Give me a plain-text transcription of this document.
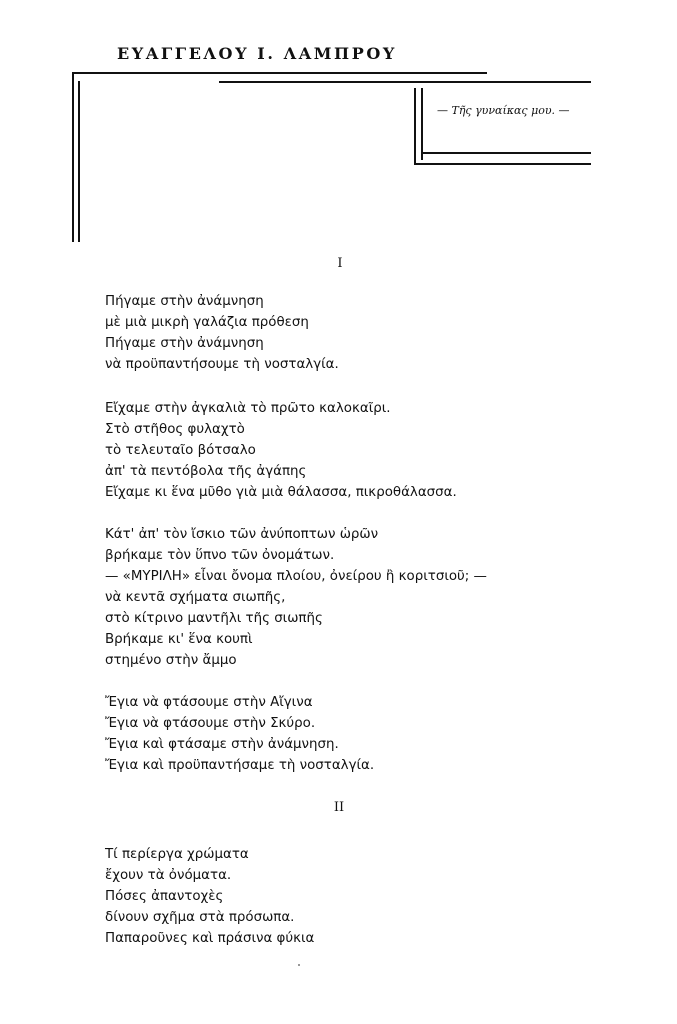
ΕΥΑΓΓΕΛΟΥ Ι. ΛΑΜΠΡΟΥ
— Τῆς γυναίκας μου. —
I
Πήγαμε στὴν ἀνάμνηση
μὲ μιὰ μικρὴ γαλάζια πρόθεση
Πήγαμε στὴν ἀνάμνηση
νὰ προϋπαντήσουμε τὴ νοσταλγία.
Εἴχαμε στὴν ἀγκαλιὰ τὸ πρῶτο καλοκαῖρι.
Στὸ στῆθος φυλαχτὸ
τὸ τελευταῖο βότσαλο
ἀπ' τὰ πεντόβολα τῆς ἀγάπης
Εἴχαμε κι ἕνα μῦθο γιὰ μιὰ θάλασσα, πικροθάλασσα.
Κάτ' ἀπ' τὸν ἴσκιο τῶν ἀνύποπτων ὡρῶν
βρήκαμε τὸν ὕπνο τῶν ὀνομάτων.
— «ΜΥΡΙΛΗ» εἶναι ὄνομα πλοίου, ὀνείρου ἢ κοριτσιοῦ; —
νὰ κεντᾶ σχήματα σιωπῆς,
στὸ κίτρινο μαντῆλι τῆς σιωπῆς
Βρήκαμε κι' ἕνα κουπὶ
στημένο στὴν ἄμμο
Ἔγια νὰ φτάσουμε στὴν Αἴγινα
Ἔγια νὰ φτάσουμε στὴν Σκύρο.
Ἔγια καὶ φτάσαμε στὴν ἀνάμνηση.
Ἔγια καὶ προϋπαντήσαμε τὴ νοσταλγία.
II
Τί περίεργα χρώματα
ἔχουν τὰ ὀνόματα.
Πόσες ἀπαντοχὲς
δίνουν σχῆμα στὰ πρόσωπα.
Παπαροῦνες καὶ πράσινα φύκια
